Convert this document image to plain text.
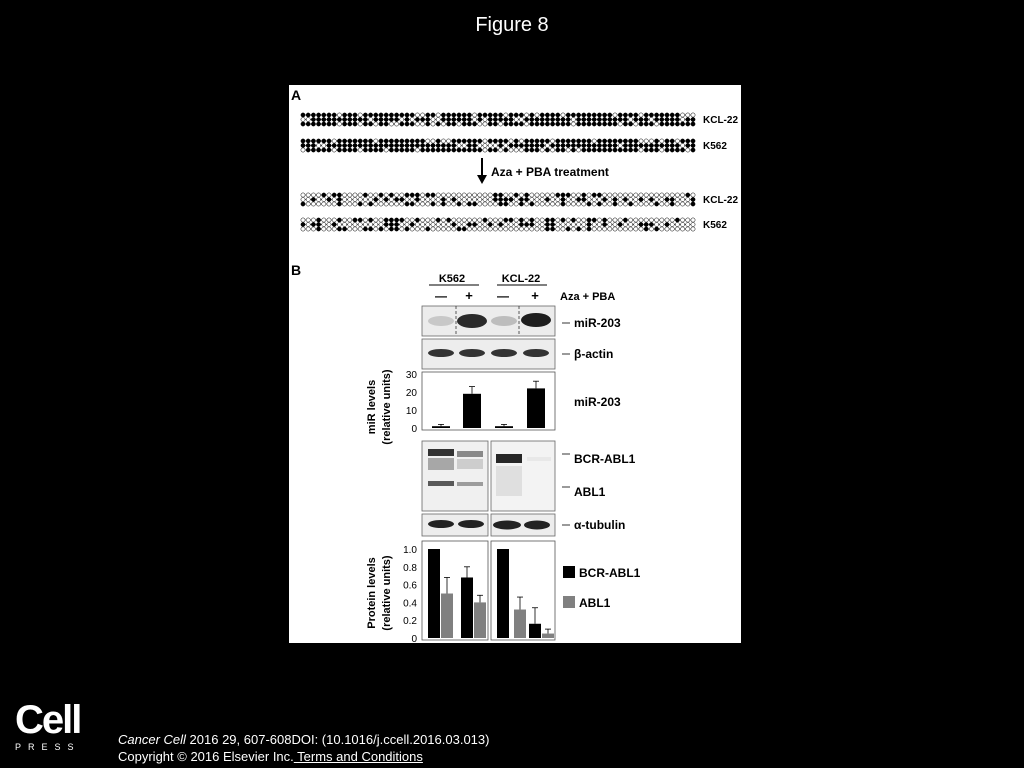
Figure 8
A
KCL-22
K562
Aza + PBA treatment
KCL-22
K562
B
K562	KCL-22
— + — + Aza + PBA
miR-203
β-actin
miR levels (relative units) 30
20
10
0
miR-203
BCR-ABL1
ABL1
α-tubulin
Protein levels (relative units)
1.0
0.8
0.6
0.4
0.2
0
BCR-ABL1
ABL1
Cell
PRESS	Cancer Cell 2016 29, 607-608DOI: (10.1016/j.ccell.2016.03.013)
Copyright © 2016 Elsevier Inc. Terms and Conditions
